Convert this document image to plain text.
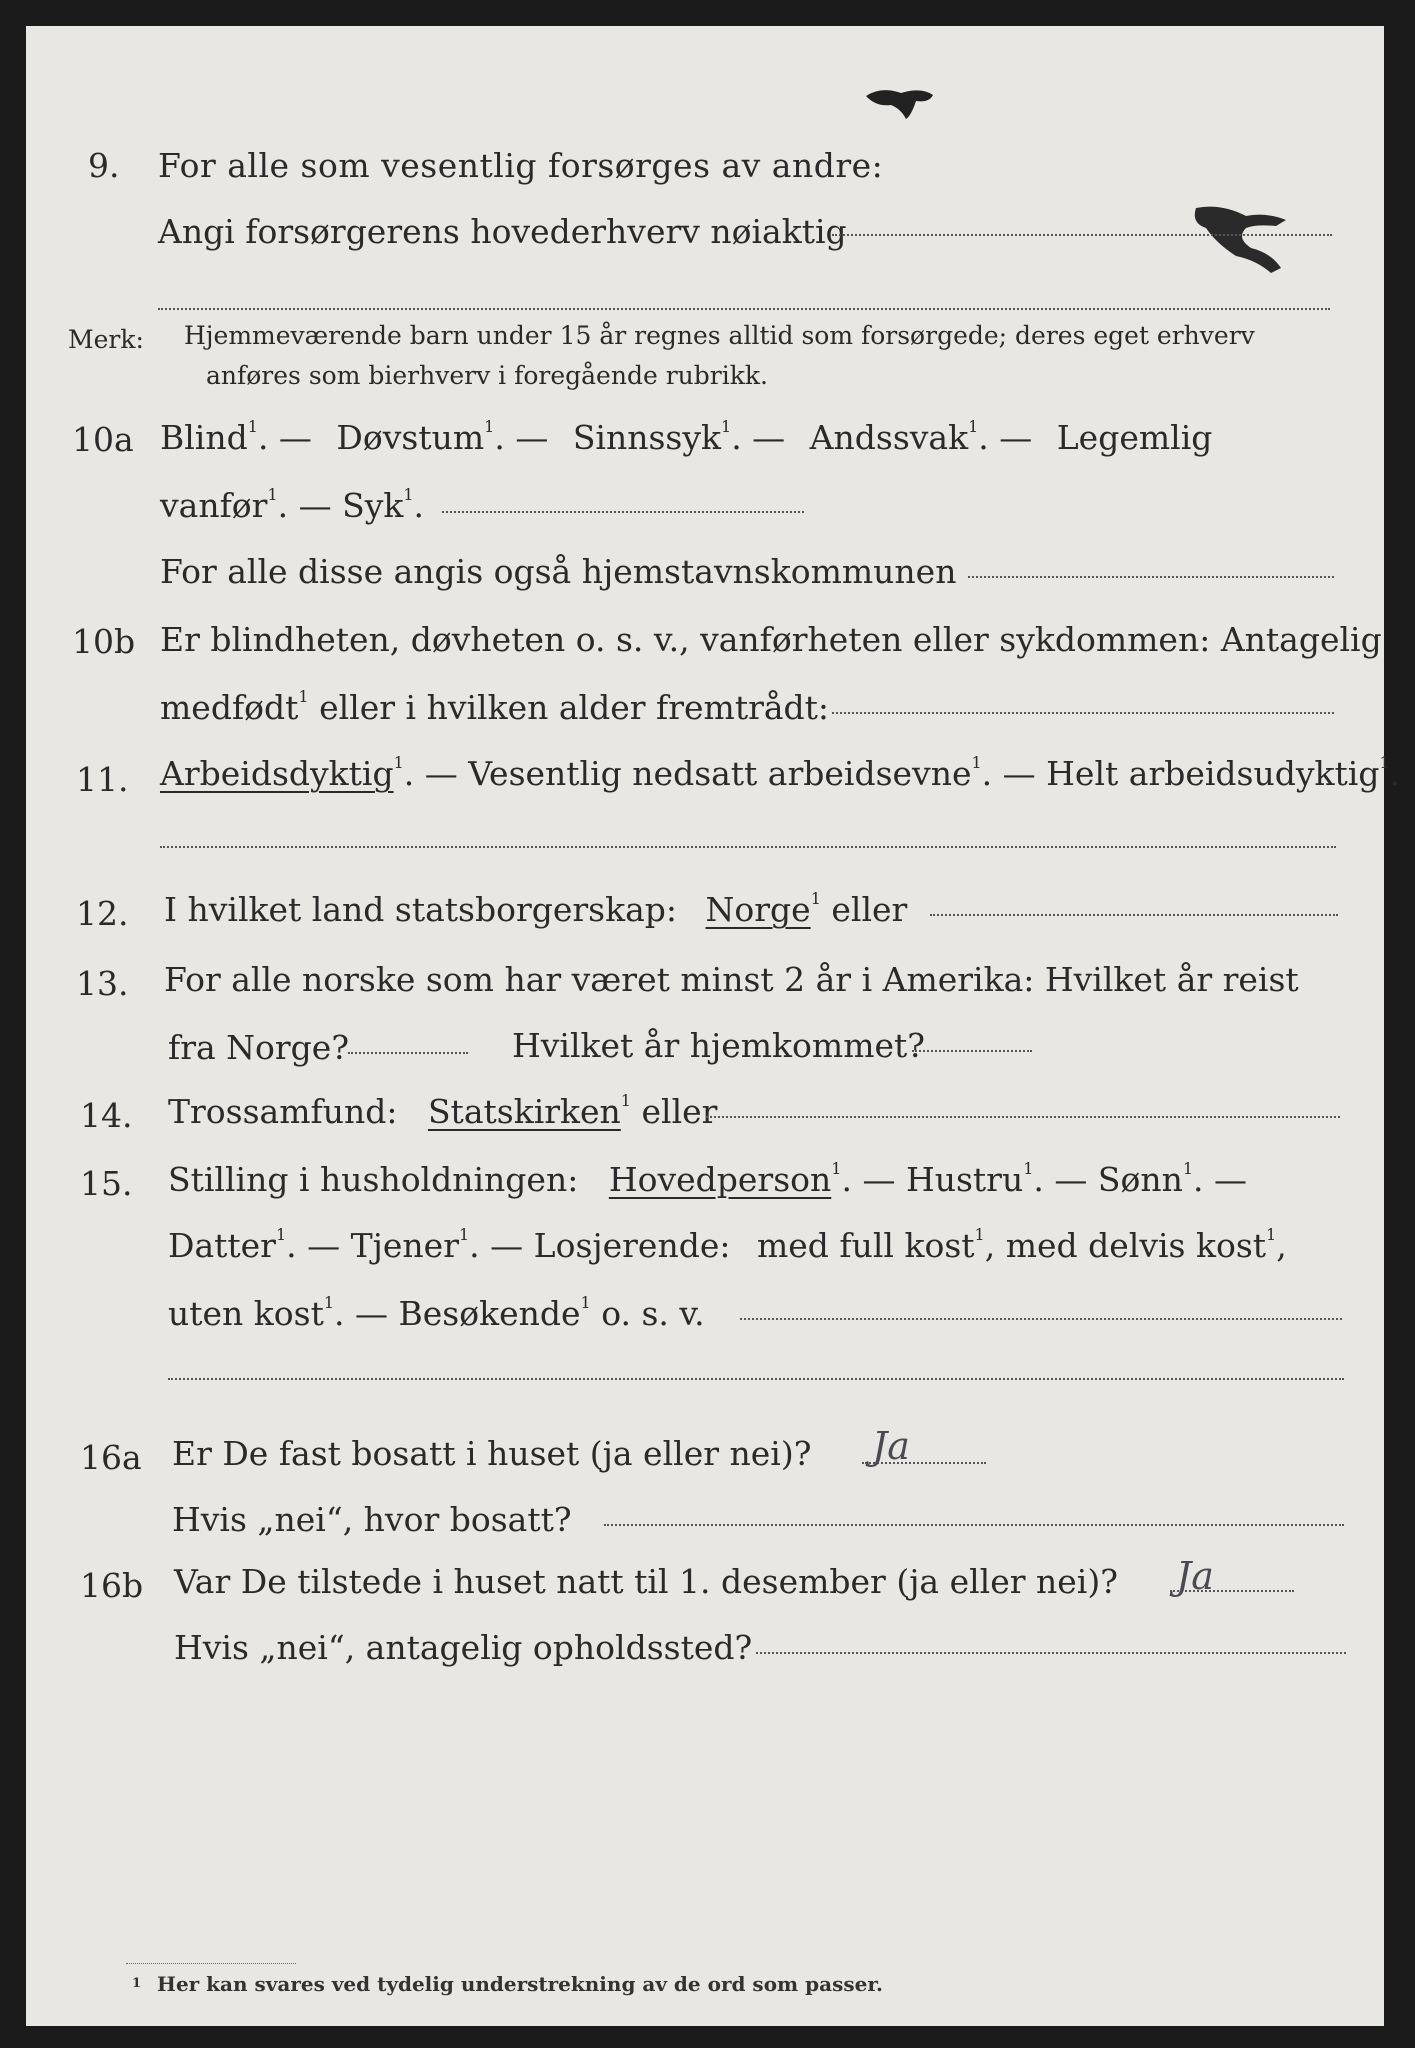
9. For alle som vesentlig forsørges av andre:
Angi forsørgerens hovederhverv nøiaktig
Merk: Hjemmeværende barn under 15 år regnes alltid som forsørgede; deres eget erhverv
anføres som bierhverv i foregående rubrikk.
10a Blind$^1$. — Døvstum$^1$. — Sinnssyk$^1$. — Andssvak$^1$. — Legemlig
vanfør$^1$. — Syk$^1$.
For alle disse angis også hjemstavnskommunen
10b Er blindheten, døvheten o. s. v., vanførheten eller sykdommen: Antagelig
medfødt$^1$ eller i hvilken alder fremtrådt:
11. Arbeidsdyktig$^1$. — Vesentlig nedsatt arbeidsevne$^1$. — Helt arbeidsudyktig$^1$.
12. I hvilket land statsborgerskap: Norge$^1$ eller
13. For alle norske som har været minst 2 år i Amerika: Hvilket år reist
fra Norge?	Hvilket år hjemkommet?
14. Trossamfund: Statskirken$^1$ eller
15. Stilling i husholdningen: Hovedperson$^1$. — Hustru$^1$. — Sønn$^1$. —
Datter$^1$. — Tjener$^1$. — Losjerende: med full kost$^1$, med delvis kost$^1$,
uten kost$^1$. — Besøkende$^1$ o. s. v.
16a Er De fast bosatt i huset (ja eller nei)? Ja
Hvis „nei“, hvor bosatt?
16b Var De tilstede i huset natt til 1. desember (ja eller nei)? Ja
Hvis „nei“, antagelig opholdssted?
$^1$ Her kan svares ved tydelig understrekning av de ord som passer.
